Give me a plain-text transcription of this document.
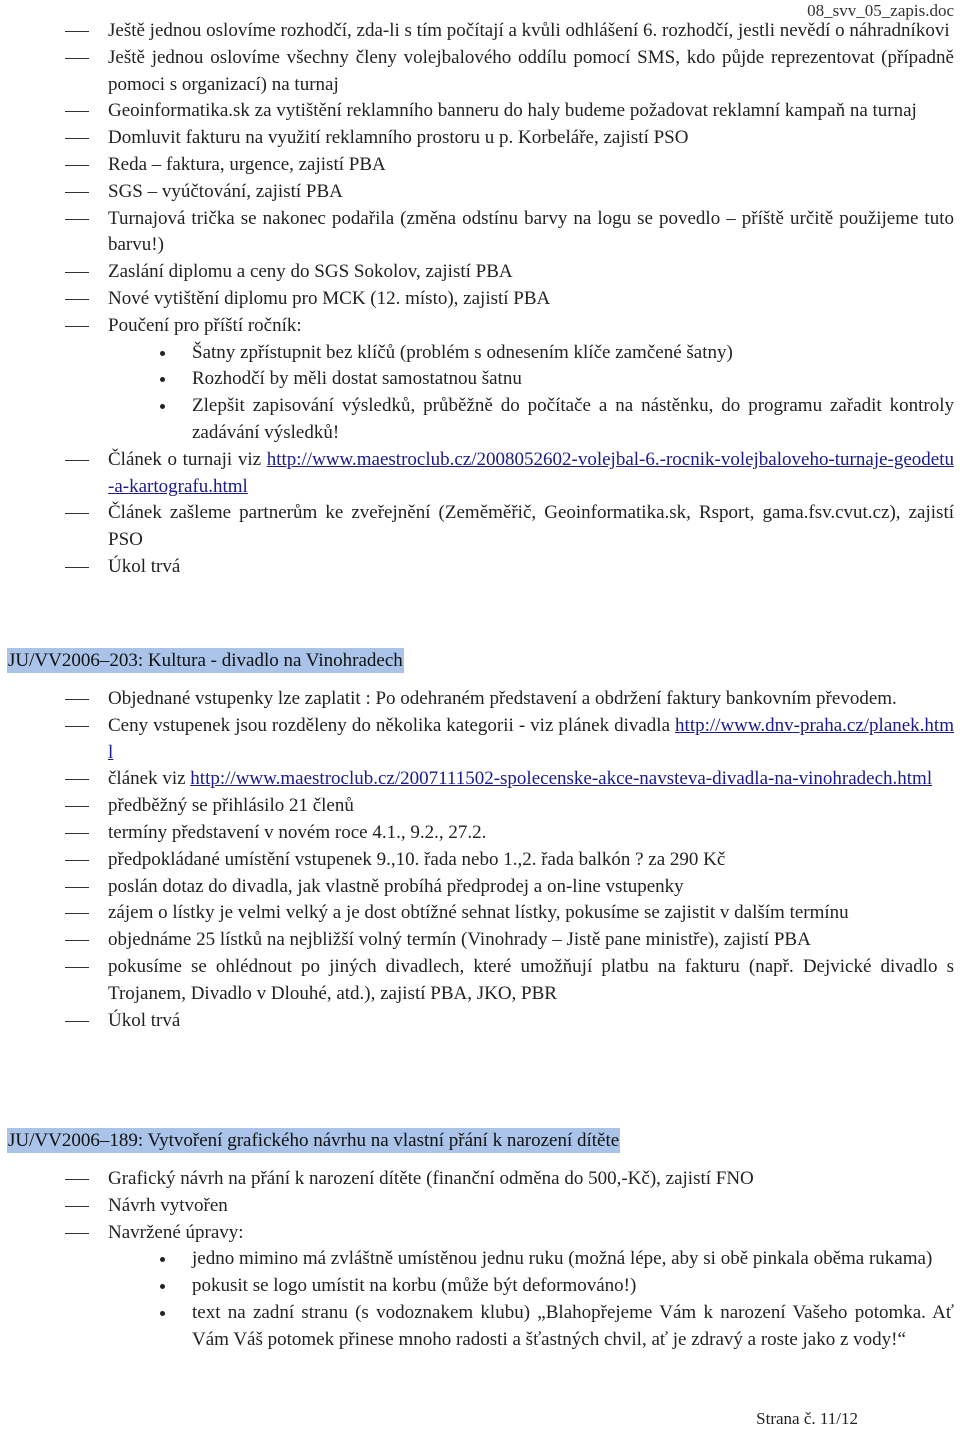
08_svv_05_zapis.doc
Ještě jednou oslovíme rozhodčí, zda-li s tím počítají a kvůli odhlášení 6. rozhodčí, jestli nevědí o náhradníkovi
Ještě jednou oslovíme všechny členy volejbalového oddílu pomocí SMS, kdo půjde reprezentovat (případně pomoci s organizací) na turnaj
Geoinformatika.sk za vytištění reklamního banneru do haly budeme požadovat reklamní kampaň na turnaj
Domluvit fakturu na využití reklamního prostoru u p. Korbeláře, zajistí PSO
Reda – faktura, urgence, zajistí PBA
SGS – vyúčtování, zajistí PBA
Turnajová trička se nakonec podařila (změna odstínu barvy na logu se povedlo – příště určitě použijeme tuto barvu!)
Zaslání diplomu a ceny do SGS Sokolov, zajistí PBA
Nové vytištění diplomu pro MCK (12. místo), zajistí PBA
Poučení pro příští ročník:
Šatny zpřístupnit bez klíčů (problém s odnesením klíče zamčené šatny)
Rozhodčí by měli dostat samostatnou šatnu
Zlepšit zapisování výsledků, průběžně do počítače a na nástěnku, do programu zařadit kontroly zadávání výsledků!
Článek o turnaji viz http://www.maestroclub.cz/2008052602-volejbal-6.-rocnik-volejbaloveho-turnaje-geodetu-a-kartografu.html
Článek zašleme partnerům ke zveřejnění (Zeměměřič, Geoinformatika.sk, Rsport, gama.fsv.cvut.cz), zajistí PSO
Úkol trvá
JU/VV2006–203: Kultura - divadlo na Vinohradech
Objednané vstupenky lze zaplatit : Po odehraném představení a obdržení faktury bankovním převodem.
Ceny vstupenek jsou rozděleny do několika kategorii - viz plánek divadla http://www.dnv-praha.cz/planek.html
článek viz http://www.maestroclub.cz/2007111502-spolecenske-akce-navsteva-divadla-na-vinohradech.html
předběžný se přihlásilo 21 členů
termíny představení v novém roce 4.1., 9.2., 27.2.
předpokládané umístění vstupenek 9.,10. řada nebo 1.,2. řada balkón ? za 290 Kč
poslán dotaz do divadla, jak vlastně probíhá předprodej a on-line vstupenky
zájem o lístky je velmi velký a je dost obtížné sehnat lístky, pokusíme se zajistit v dalším termínu
objednáme 25 lístků na nejbližší volný termín (Vinohrady – Jistě pane ministře), zajistí PBA
pokusíme se ohlédnout po jiných divadlech, které umožňují platbu na fakturu (např. Dejvické divadlo s Trojanem, Divadlo v Dlouhé, atd.), zajistí PBA, JKO, PBR
Úkol trvá
JU/VV2006–189: Vytvoření grafického návrhu na vlastní přání k narození dítěte
Grafický návrh na přání k narození dítěte (finanční odměna do 500,-Kč), zajistí FNO
Návrh vytvořen
Navržené úpravy:
jedno mimino má zvláštně umístěnou jednu ruku (možná lépe, aby si obě pinkala oběma rukama)
pokusit se logo umístit na korbu (může být deformováno!)
text na zadní stranu (s vodoznakem klubu) „Blahopřejeme Vám k narození Vašeho potomka. Ať Vám Váš potomek přinese mnoho radosti a šťastných chvil, ať je zdravý a roste jako z vody!“
Strana č. 11/12
